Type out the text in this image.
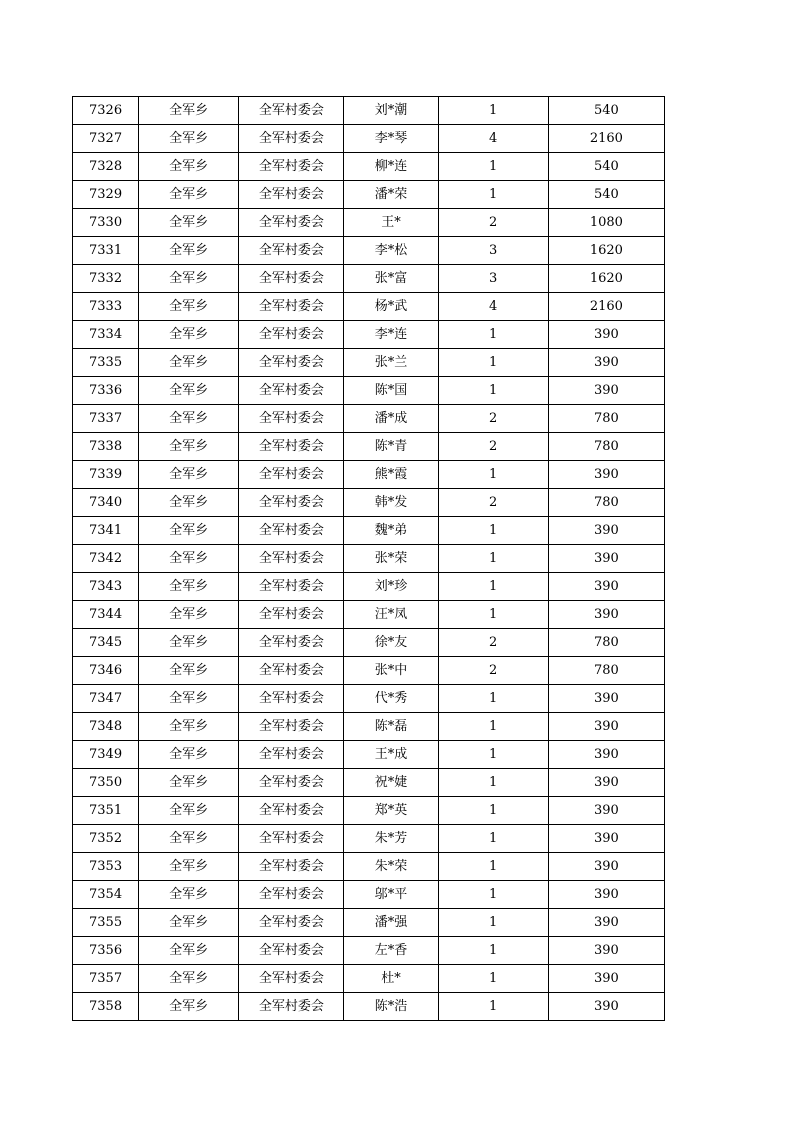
7326	全军乡	全军村委会	刘*潮	1	540
7327	全军乡	全军村委会	李*琴	4	2160
7328	全军乡	全军村委会	柳*连	1	540
7329	全军乡	全军村委会	潘*荣	1	540
7330	全军乡	全军村委会	王*	2	1080
7331	全军乡	全军村委会	李*松	3	1620
7332	全军乡	全军村委会	张*富	3	1620
7333	全军乡	全军村委会	杨*武	4	2160
7334	全军乡	全军村委会	李*连	1	390
7335	全军乡	全军村委会	张*兰	1	390
7336	全军乡	全军村委会	陈*国	1	390
7337	全军乡	全军村委会	潘*成	2	780
7338	全军乡	全军村委会	陈*青	2	780
7339	全军乡	全军村委会	熊*霞	1	390
7340	全军乡	全军村委会	韩*发	2	780
7341	全军乡	全军村委会	魏*弟	1	390
7342	全军乡	全军村委会	张*荣	1	390
7343	全军乡	全军村委会	刘*珍	1	390
7344	全军乡	全军村委会	汪*凤	1	390
7345	全军乡	全军村委会	徐*友	2	780
7346	全军乡	全军村委会	张*中	2	780
7347	全军乡	全军村委会	代*秀	1	390
7348	全军乡	全军村委会	陈*磊	1	390
7349	全军乡	全军村委会	王*成	1	390
7350	全军乡	全军村委会	祝*婕	1	390
7351	全军乡	全军村委会	郑*英	1	390
7352	全军乡	全军村委会	朱*芳	1	390
7353	全军乡	全军村委会	朱*荣	1	390
7354	全军乡	全军村委会	邬*平	1	390
7355	全军乡	全军村委会	潘*强	1	390
7356	全军乡	全军村委会	左*香	1	390
7357	全军乡	全军村委会	杜*	1	390
7358	全军乡	全军村委会	陈*浩	1	390
